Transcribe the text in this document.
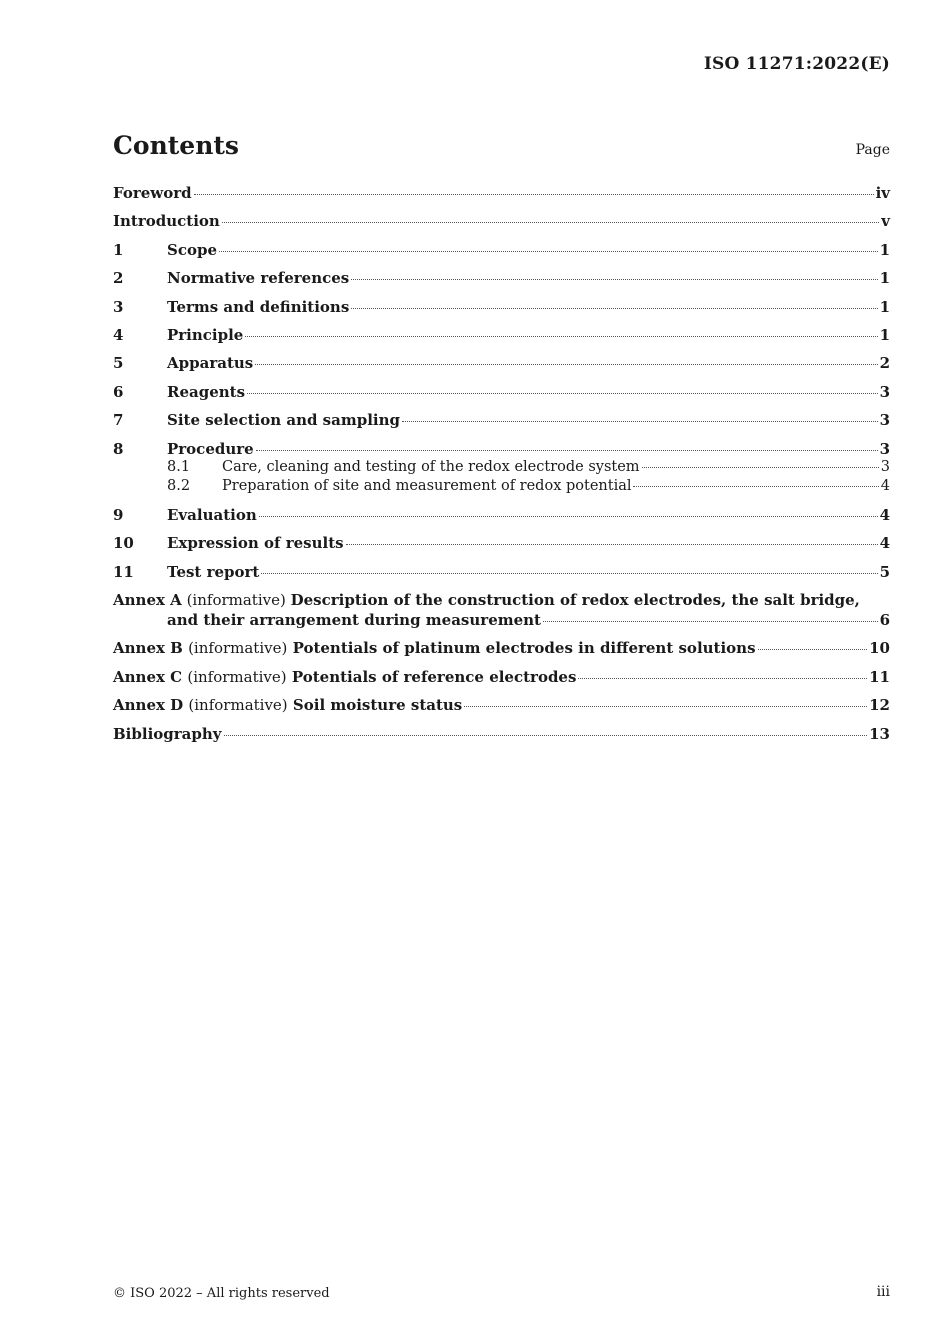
ISO 11271:2022(E)
Contents	Page
Foreword	iv
Introduction	v
1	Scope	1
2	Normative references	1
3	Terms and definitions	1
4	Principle	1
5	Apparatus	2
6	Reagents	3
7	Site selection and sampling	3
8	Procedure	3
8.1	Care, cleaning and testing of the redox electrode system	3
8.2	Preparation of site and measurement of redox potential	4
9	Evaluation	4
10	Expression of results	4
11	Test report	5
Annex A (informative) Description of the construction of redox electrodes, the salt bridge,
and their arrangement during measurement	6
Annex B (informative) Potentials of platinum electrodes in different solutions	10
Annex C (informative) Potentials of reference electrodes	11
Annex D (informative) Soil moisture status	12
Bibliography	13
© ISO 2022 – All rights reserved	iii
